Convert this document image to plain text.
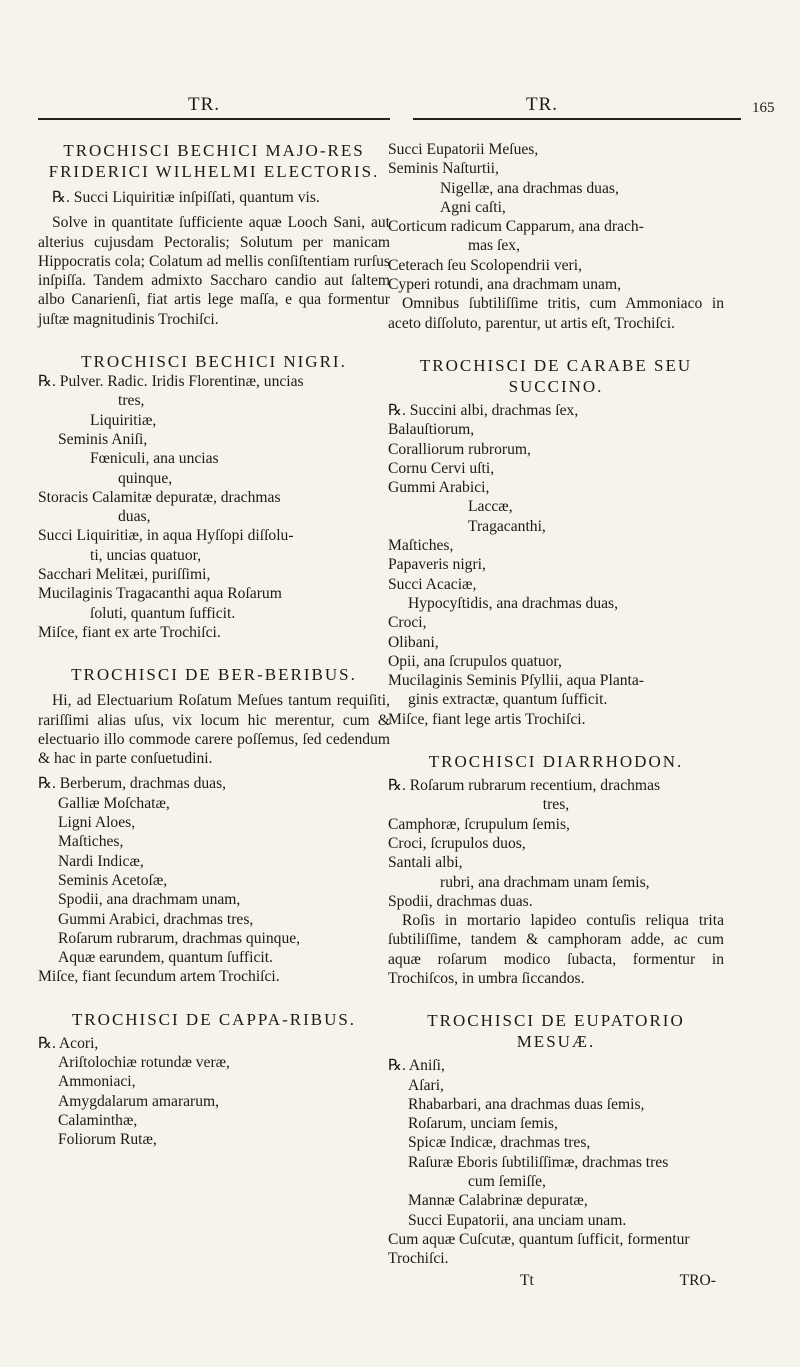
TR.	TR.	165

TROCHISCI BECHICI MAJO-RES FRIDERICI WILHELMI ELECTORIS.

℞. Succi Liquiritiæ inſpiſſati, quantum vis.

Solve in quantitate ſufficiente aquæ Looch Sani, aut alterius cujusdam Pectoralis; Solutum per manicam Hippocratis cola; Colatum ad mellis conſiſtentiam rurſus inſpiſſa. Tandem admixto Saccharo candio aut ſaltem albo Canarienſi, fiat artis lege maſſa, e qua formentur juſtæ magnitudinis Trochiſci.

TROCHISCI BECHICI NIGRI.

℞. Pulver. Radic. Iridis Florentinæ, uncias

tres,

Liquiritiæ,

Seminis Aniſi,

Fœniculi, ana uncias

quinque,

Storacis Calamitæ depuratæ, drachmas

duas,

Succi Liquiritiæ, in aqua Hyſſopi diſſolu-

ti, uncias quatuor,

Sacchari Melitæi, puriſſimi,

Mucilaginis Tragacanthi aqua Roſarum

ſoluti, quantum ſufficit.

Miſce, fiant ex arte Trochiſci.

TROCHISCI DE BER-BERIBUS.

Hi, ad Electuarium Roſatum Meſues tantum requiſiti, rariſſimi alias uſus, vix locum hic merentur, cum & electuario illo commode carere poſſemus, ſed cedendum & hac in parte conſuetudini.

℞. Berberum, drachmas duas,

Galliæ Moſchatæ,

Ligni Aloes,

Maſtiches,

Nardi Indicæ,

Seminis Acetoſæ,

Spodii, ana drachmam unam,

Gummi Arabici, drachmas tres,

Roſarum rubrarum, drachmas quinque,

Aquæ earundem, quantum ſufficit.

Miſce, fiant ſecundum artem Trochiſci.

TROCHISCI DE CAPPA-RIBUS.

℞. Acori,

Ariſtolochiæ rotundæ veræ,

Ammoniaci,

Amygdalarum amararum,

Calaminthæ,

Foliorum Rutæ,

Succi Eupatorii Meſues,

Seminis Naſturtii,

Nigellæ, ana drachmas duas,

Agni caſti,

Corticum radicum Capparum, ana drach-

mas ſex,

Ceterach ſeu Scolopendrii veri,

Cyperi rotundi, ana drachmam unam,

Omnibus ſubtiliſſime tritis, cum Ammoniaco in aceto diſſoluto, parentur, ut artis eſt, Trochiſci.

TROCHISCI DE CARABE SEU SUCCINO.

℞. Succini albi, drachmas ſex,

Balauſtiorum,

Coralliorum rubrorum,

Cornu Cervi uſti,

Gummi Arabici,

Laccæ,

Tragacanthi,

Maſtiches,

Papaveris nigri,

Succi Acaciæ,

Hypocyſtidis, ana drachmas duas,

Croci,

Olibani,

Opii, ana ſcrupulos quatuor,

Mucilaginis Seminis Pſyllii, aqua Planta-

ginis extractæ, quantum ſufficit.

Miſce, fiant lege artis Trochiſci.

TROCHISCI DIARRHODON.

℞. Roſarum rubrarum recentium, drachmas

tres,

Camphoræ, ſcrupulum ſemis,

Croci, ſcrupulos duos,

Santali albi,

rubri, ana drachmam unam ſemis,

Spodii, drachmas duas.

Roſis in mortario lapideo contuſis reliqua trita ſubtiliſſime, tandem & camphoram adde, ac cum aquæ roſarum modico ſubacta, formentur in Trochiſcos, in umbra ſiccandos.

TROCHISCI DE EUPATORIO MESUÆ.

℞. Aniſi,

Aſari,

Rhabarbari, ana drachmas duas ſemis,

Roſarum, unciam ſemis,

Spicæ Indicæ, drachmas tres,

Raſuræ Eboris ſubtiliſſimæ, drachmas tres

cum ſemiſſe,

Mannæ Calabrinæ depuratæ,

Succi Eupatorii, ana unciam unam.

Cum aquæ Cuſcutæ, quantum ſufficit, formentur Trochiſci.

Tt	TRO-
